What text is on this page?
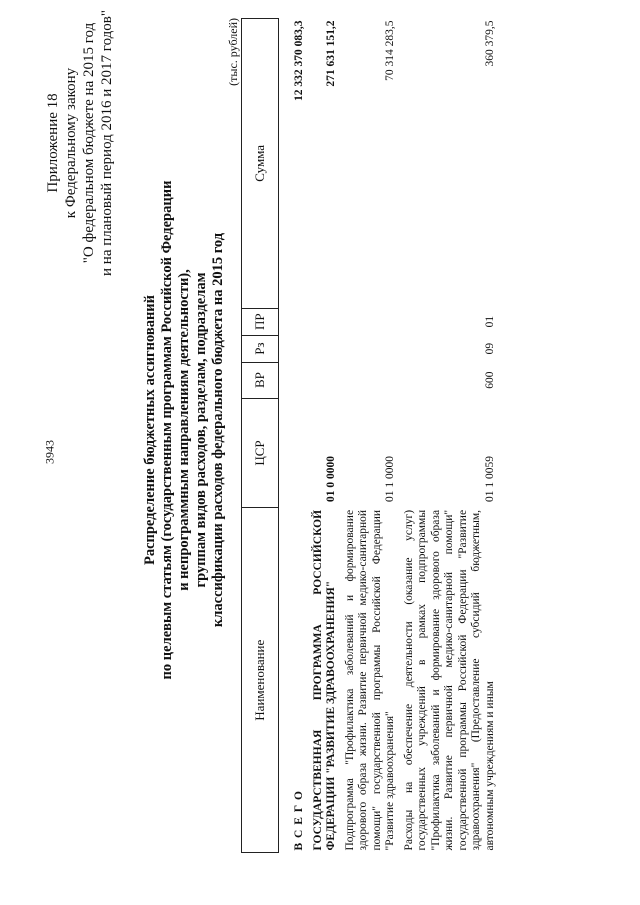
3943
Приложение 18 к Федеральному закону "О федеральном бюджете на 2015 год и на плановый период 2016 и 2017 годов"
Распределение бюджетных ассигнований по целевым статьям (государственным программам Российской Федерации и непрограммным направлениям деятельности), группам видов расходов, разделам, подразделам классификации расходов федерального бюджета на 2015 год
(тыс. рублей)
Наименование	ЦСР	ВР	Рз	ПР	Сумма
В С Е Г О					12 332 370 083,3
ГОСУДАРСТВЕННАЯ ПРОГРАММА РОССИЙСКОЙ ФЕДЕРАЦИИ "РАЗВИТИЕ ЗДРАВООХРАНЕНИЯ"	01 0 0000				271 631 151,2
Подпрограмма "Профилактика заболеваний и формирование здорового образа жизни. Развитие первичной медико-санитарной помощи" государственной программы Российской Федерации "Развитие здравоохранения"	01 1 0000				70 314 283,5
Расходы на обеспечение деятельности (оказание услуг) государственных учреждений в рамках подпрограммы "Профилактика заболеваний и формирование здорового образа жизни. Развитие первичной медико-санитарной помощи" государственной программы Российской Федерации "Развитие здравоохранения" (Предоставление субсидий бюджетным, автономным учреждениям и иным	01 1 0059	600	09	01	360 379,5
